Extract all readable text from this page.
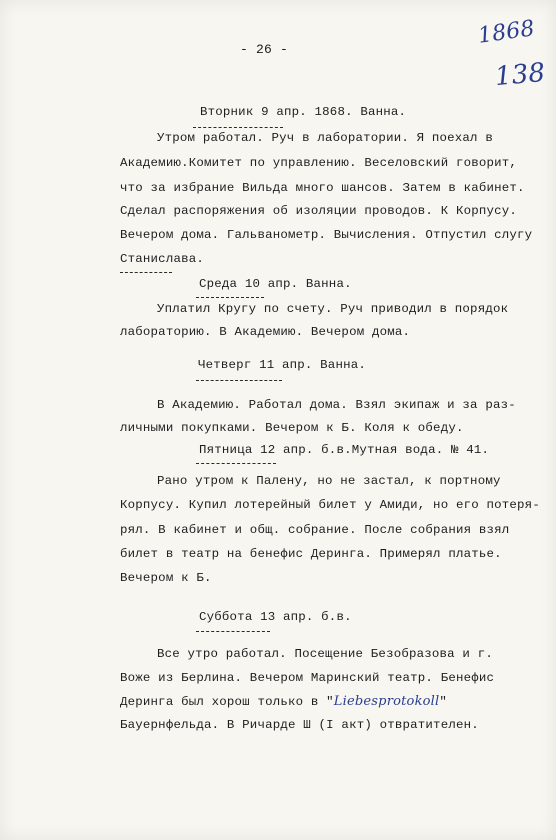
1868
138
- 26 -
Вторник 9 апр. 1868. Ванна.
Утром работал. Руч в лаборатории. Я поехал в
Академию.Комитет по управлению. Веселовский говорит,
что за избрание Вильда много шансов. Затем в кабинет.
Сделал распоряжения об изоляции проводов. К Корпусу.
Вечером дома. Гальванометр. Вычисления. Отпустил слугу
Станислава.
Среда 10 апр. Ванна.
Уплатил Кругу по счету. Руч приводил в порядок
лабораторию. В Академию. Вечером дома.
Четверг 11 апр. Ванна.
В Академию. Работал дома. Взял экипаж и за раз-
личными покупками. Вечером к Б. Коля к обеду.
Пятница 12 апр. б.в.Мутная вода. № 41.
Рано утром к Палену, но не застал, к портному
Корпусу. Купил лотерейный билет у Амиди, но его потеря-
рял. В кабинет и общ. собрание. После собрания взял
билет в театр на бенефис Деринга. Примерял платье.
Вечером к Б.
Суббота 13 апр. б.в.
Все утро работал. Посещение Безобразова и г.
Воже из Берлина. Вечером Маринский театр. Бенефис
Деринга был хорош только в "Liebesprotokoll"
Бауернфельда. В Ричарде Ш (I акт) отвратителен.
